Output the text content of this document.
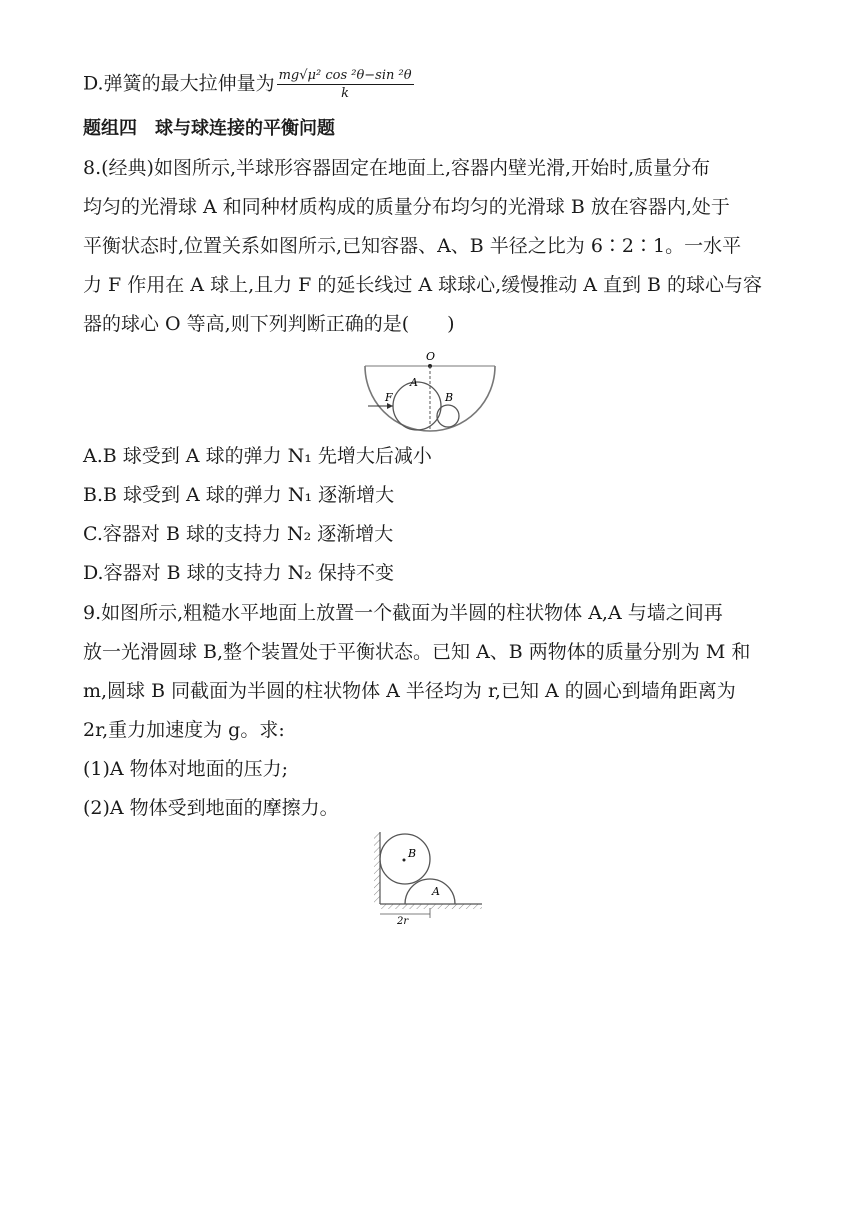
D.弹簧的最大拉伸量为 $\frac{\text{mg√μ² cos ²θ−sin ²θ}}{k}$
题组四　球与球连接的平衡问题
8.(经典)如图所示,半球形容器固定在地面上,容器内壁光滑,开始时,质量分布
均匀的光滑球 A 和同种材质构成的质量分布均匀的光滑球 B 放在容器内,处于
平衡状态时,位置关系如图所示,已知容器、A、B 半径之比为 6∶2∶1。一水平
力 F 作用在 A 球上,且力 F 的延长线过 A 球球心,缓慢推动 A 直到 B 的球心与容
器的球心 O 等高,则下列判断正确的是(　　)
O
A
B
F
A.B 球受到 A 球的弹力 N₁ 先增大后减小
B.B 球受到 A 球的弹力 N₁ 逐渐增大
C.容器对 B 球的支持力 N₂ 逐渐增大
D.容器对 B 球的支持力 N₂ 保持不变
9.如图所示,粗糙水平地面上放置一个截面为半圆的柱状物体 A,A 与墙之间再
放一光滑圆球 B,整个装置处于平衡状态。已知 A、B 两物体的质量分别为 M 和
m,圆球 B 同截面为半圆的柱状物体 A 半径均为 r,已知 A 的圆心到墙角距离为
2r,重力加速度为 g。求:
(1)A 物体对地面的压力;
(2)A 物体受到地面的摩擦力。
B
A
2r
